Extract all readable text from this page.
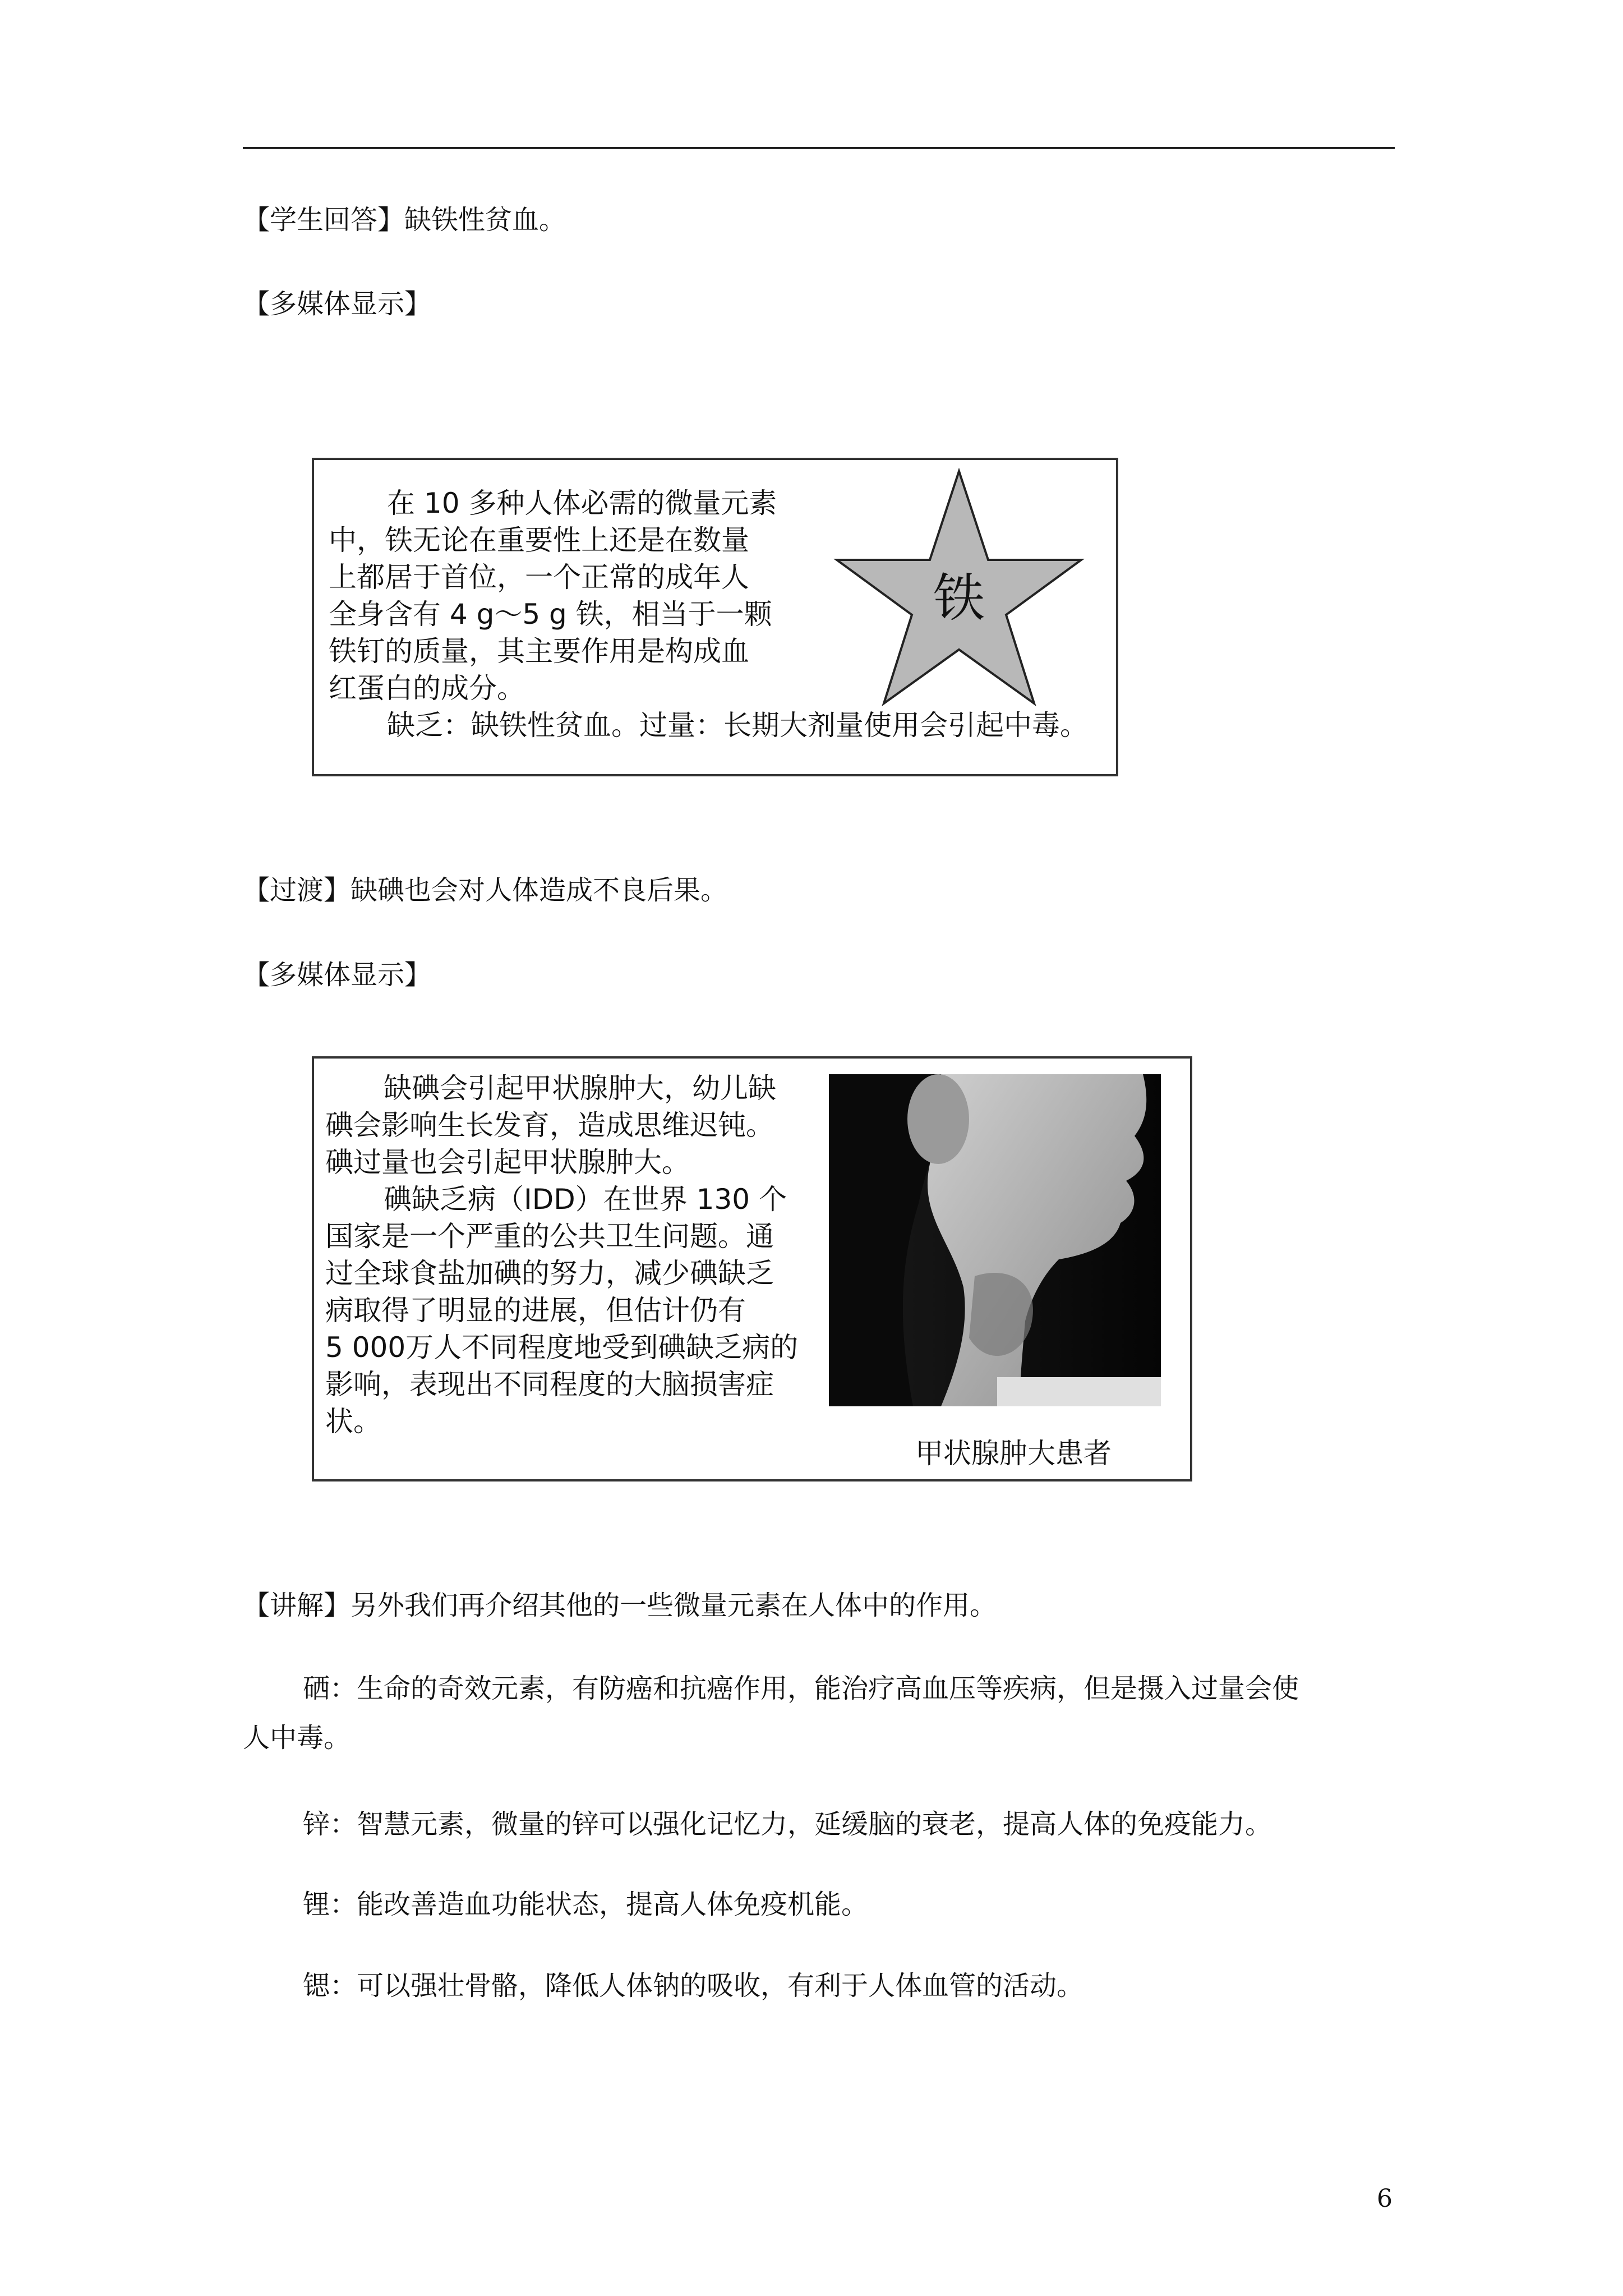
【学生回答】缺铁性贫血。
【多媒体显示】
在 10 多种人体必需的微量元素
中，铁无论在重要性上还是在数量
上都居于首位，一个正常的成年人
全身含有 4 g～5 g 铁，相当于一颗
铁钉的质量，其主要作用是构成血
红蛋白的成分。
缺乏：缺铁性贫血。过量：长期大剂量使用会引起中毒。
铁
【过渡】缺碘也会对人体造成不良后果。
【多媒体显示】
缺碘会引起甲状腺肿大，幼儿缺
碘会影响生长发育，造成思维迟钝。
碘过量也会引起甲状腺肿大。
碘缺乏病（IDD）在世界 130 个
国家是一个严重的公共卫生问题。通
过全球食盐加碘的努力，减少碘缺乏
病取得了明显的进展，但估计仍有
5 000万人不同程度地受到碘缺乏病的
影响，表现出不同程度的大脑损害症
状。
甲状腺肿大患者
【讲解】另外我们再介绍其他的一些微量元素在人体中的作用。
硒：生命的奇效元素，有防癌和抗癌作用，能治疗高血压等疾病，但是摄入过量会使
人中毒。
锌：智慧元素，微量的锌可以强化记忆力，延缓脑的衰老，提高人体的免疫能力。
锂：能改善造血功能状态，提高人体免疫机能。
锶：可以强壮骨骼，降低人体钠的吸收，有利于人体血管的活动。
6
